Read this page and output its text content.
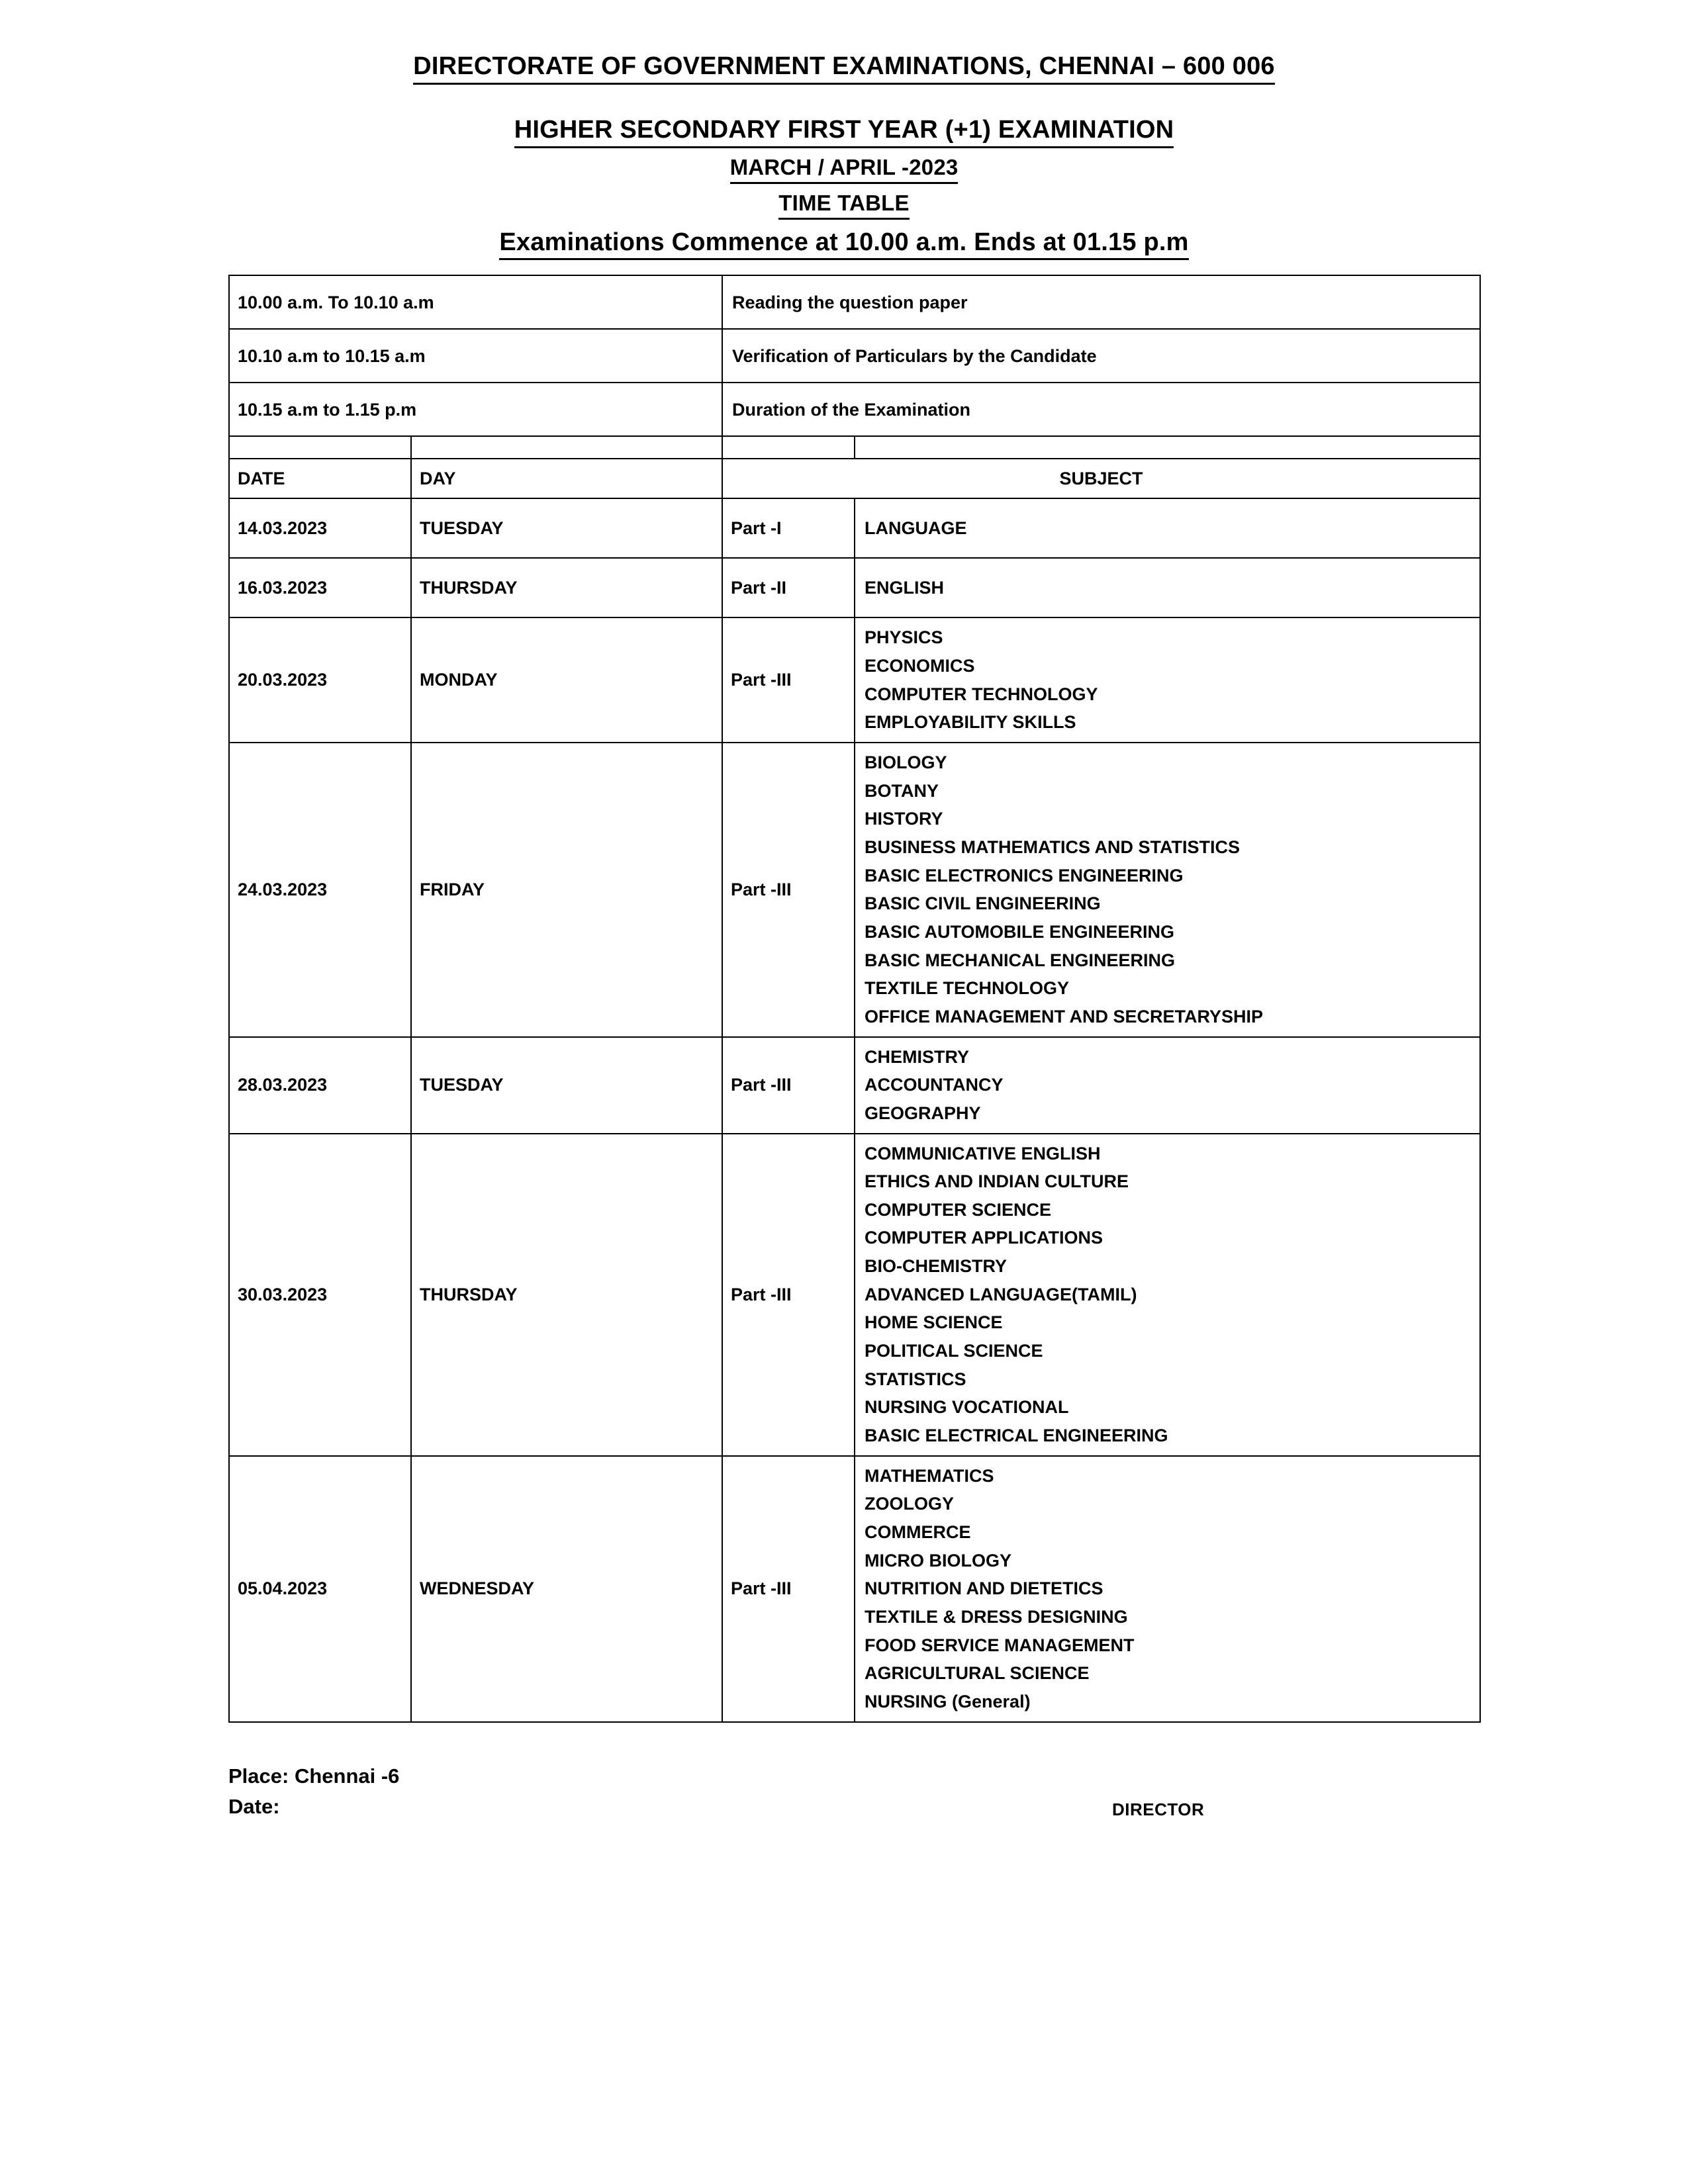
DIRECTORATE OF GOVERNMENT EXAMINATIONS, CHENNAI – 600 006
HIGHER SECONDARY FIRST YEAR (+1) EXAMINATION
MARCH / APRIL -2023
TIME TABLE
Examinations Commence at 10.00 a.m. Ends at 01.15 p.m
10.00 a.m. To 10.10 a.m		Reading the question paper	
10.10 a.m to 10.15 a.m		Verification of Particulars by the Candidate	
10.15 a.m to 1.15 p.m		Duration of the Examination	

DATE	DAY	SUBJECT	
14.03.2023	TUESDAY	Part -I	LANGUAGE

16.03.2023	THURSDAY	Part -II	ENGLISH

20.03.2023	MONDAY	Part -III	PHYSICS
ECONOMICS
COMPUTER TECHNOLOGY
EMPLOYABILITY SKILLS

24.03.2023	FRIDAY	Part -III	
BIOLOGY
BOTANY
HISTORY
BUSINESS MATHEMATICS AND STATISTICS
BASIC ELECTRONICS ENGINEERING
BASIC CIVIL ENGINEERING
BASIC AUTOMOBILE ENGINEERING
BASIC MECHANICAL ENGINEERING
TEXTILE TECHNOLOGY
OFFICE MANAGEMENT AND SECRETARYSHIP

28.03.2023	TUESDAY	Part -III	CHEMISTRY
ACCOUNTANCY
GEOGRAPHY

30.03.2023	THURSDAY	Part -III	
COMMUNICATIVE ENGLISH
ETHICS AND INDIAN CULTURE
COMPUTER SCIENCE
COMPUTER APPLICATIONS
BIO-CHEMISTRY
ADVANCED LANGUAGE(TAMIL)
HOME SCIENCE
POLITICAL SCIENCE
STATISTICS
NURSING VOCATIONAL
BASIC ELECTRICAL ENGINEERING

05.04.2023	WEDNESDAY	Part -III	
MATHEMATICS
ZOOLOGY
COMMERCE
MICRO BIOLOGY
NUTRITION AND DIETETICS
TEXTILE & DRESS DESIGNING
FOOD SERVICE MANAGEMENT
AGRICULTURAL SCIENCE
NURSING (General)
Place: Chennai -6
Date:	DIRECTOR
